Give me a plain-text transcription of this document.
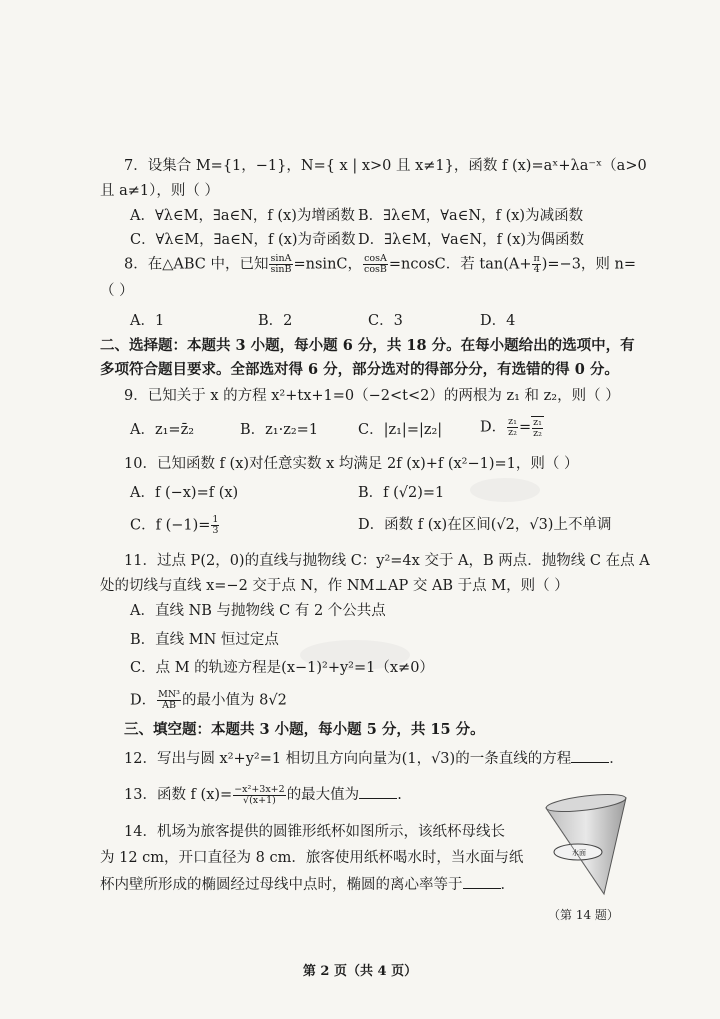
7．设集合 M={1，−1}，N={ x | x>0 且 x≠1}，函数 f (x)=aˣ+λa⁻ˣ（a>0
且 a≠1），则（ ）
A．∀λ∈M，∃a∈N，f (x)为增函数 B．∃λ∈M，∀a∈N，f (x)为减函数
C．∀λ∈M，∃a∈N，f (x)为奇函数 D．∃λ∈M，∀a∈N，f (x)为偶函数
8．在△ABC 中，已知 $\frac{\sin A}{\sin B} =nsinC$， $\frac{\cos A}{\cos B} =ncosC$．若 $\tan(A+ \frac{\pi}{4} )=-3$，则 n=
（ ）
A．1	B．2	C．3	D．4
二、选择题：本题共 3 小题，每小题 6 分，共 18 分。在每小题给出的选项中，有
多项符合题目要求。全部选对得 6 分，部分选对的得部分分，有选错的得 0 分。
9．已知关于 x 的方程 x²+tx+1=0（−2<t<2）的两根为 z₁ 和 z₂，则（ ）
A．z₁=z̄₂	B．z₁·z₂=1	C．|z₁|=|z₂|	D． $\frac{\text{z₁}}{\text{z₂}} = \frac{\text{z₁}}{\text{z₂}}$
10．已知函数 f (x)对任意实数 x 均满足 2f (x)+f (x²−1)=1，则（ ）
A．f (−x)=f (x)	B．f (√2)=1
C．f $(-1)= \frac{1}{3}$	D．函数 f (x)在区间(√2，√3)上不单调
11．过点 P(2，0)的直线与抛物线 C：y²=4x 交于 A，B 两点．抛物线 C 在点 A
处的切线与直线 x=−2 交于点 N，作 NM⊥AP 交 AB 于点 M，则（ ）
A．直线 NB 与抛物线 C 有 2 个公共点
B．直线 MN 恒过定点
C．点 M 的轨迹方程是(x−1)²+y²=1（x≠0）
D． $\frac{\text{MN³}}{AB}$ 的最小值为 8√2
三、填空题：本题共 3 小题，每小题 5 分，共 15 分。
12．写出与圆 x²+y²=1 相切且方向向量为(1，√3)的一条直线的方程	．
13．函数 f $(x)= \frac{\text{−x²+3x+2}}{√(x+1)}$ 的最大值为	.
14．机场为旅客提供的圆锥形纸杯如图所示，该纸杯母线长
为 12 cm，开口直径为 8 cm．旅客使用纸杯喝水时，当水面与纸
杯内壁所形成的椭圆经过母线中点时，椭圆的离心率等于	．
水面
（第 14 题）
第 2 页（共 4 页）
